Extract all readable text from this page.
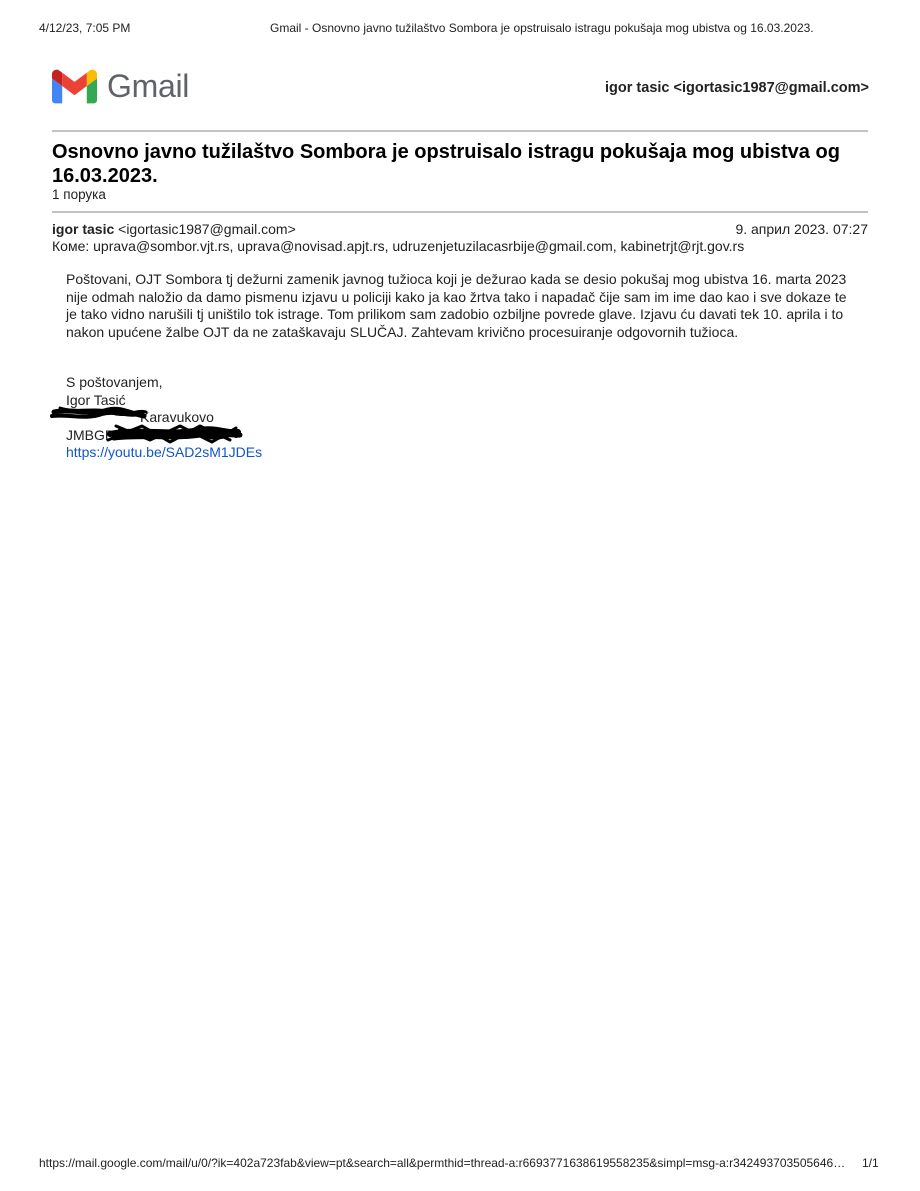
4/12/23, 7:05 PM	Gmail - Osnovno javno tužilaštvo Sombora je opstruisalo istragu pokušaja mog ubistva og 16.03.2023.
Gmail	igor tasic <igortasic1987@gmail.com>
Osnovno javno tužilaštvo Sombora je opstruisalo istragu pokušaja mog ubistva og 16.03.2023.
1 порука
igor tasic <igortasic1987@gmail.com>	9. април 2023. 07:27
Коме: uprava@sombor.vjt.rs, uprava@novisad.apjt.rs, udruzenjetuzilacasrbije@gmail.com, kabinetrjt@rjt.gov.rs
Poštovani, OJT Sombora tj dežurni zamenik javnog tužioca koji je dežurao kada se desio pokušaj mog ubistva 16. marta 2023 nije odmah naložio da damo pismenu izjavu u policiji kako ja kao žrtva tako i napadač čije sam im ime dao kao i sve dokaze te je tako vidno narušili tj uništilo tok istrage. Tom prilikom sam zadobio ozbiljne povrede glave. Izjavu ću davati tek 10. aprila i to nakon upućene žalbe OJT da ne zataškavaju SLUČAJ. Zahtevam krivično procesuiranje odgovornih tužioca.
S poštovanjem,
Igor Tasić
Karavukovo
JMBGB:
https://youtu.be/SAD2sM1JDEs
https://mail.google.com/mail/u/0/?ik=402a723fab&view=pt&search=all&permthid=thread-a:r6693771638619558235&simpl=msg-a:r342493703505646… 1/1
